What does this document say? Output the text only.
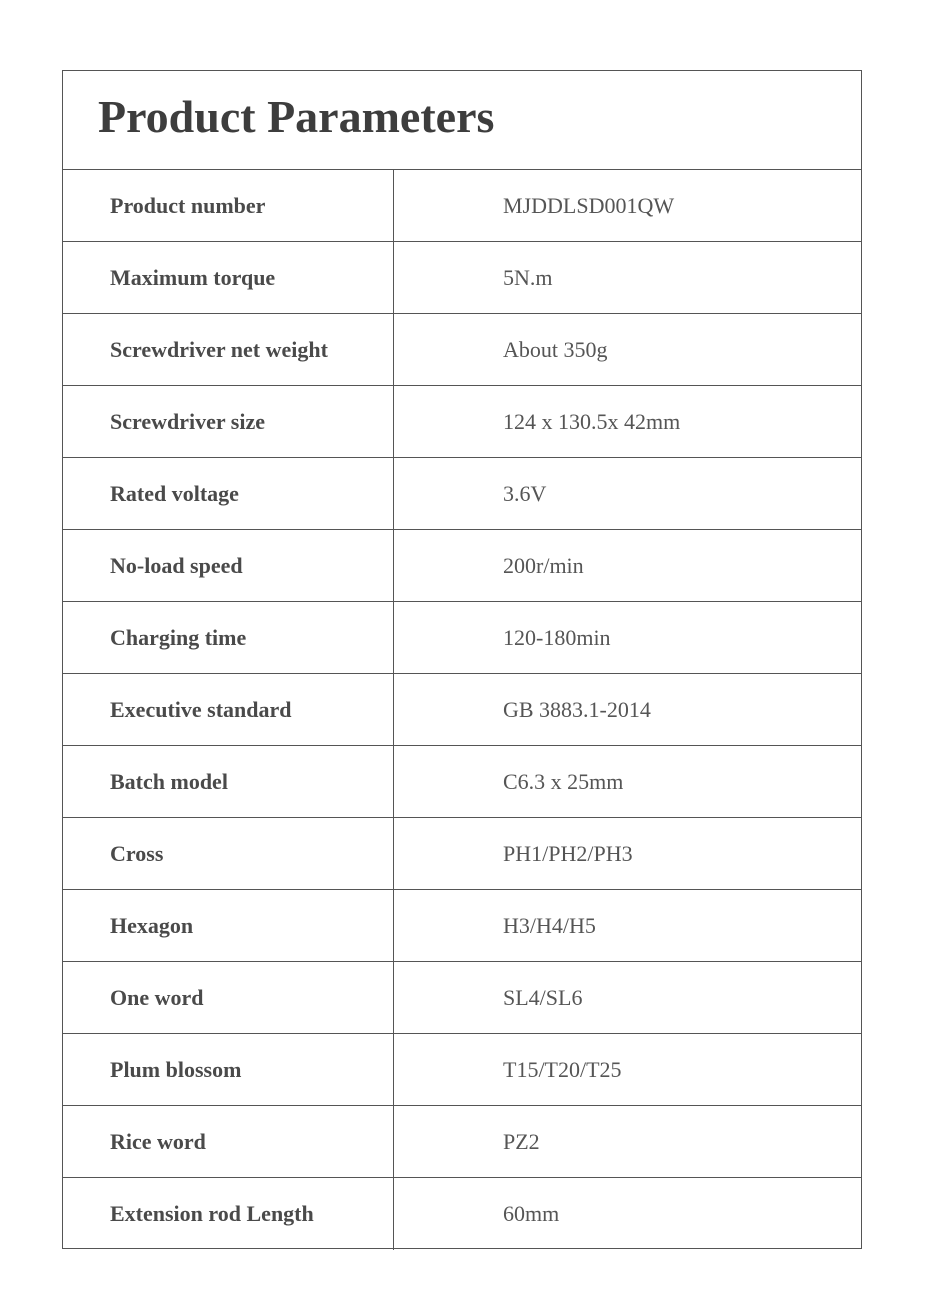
Product Parameters
Product number	MJDDLSD001QW
Maximum torque	5N.m
Screwdriver net weight	About 350g
Screwdriver size	124 x 130.5x 42mm
Rated voltage	3.6V
No-load speed	200r/min
Charging time	120-180min
Executive standard	GB 3883.1-2014
Batch model	C6.3 x 25mm
Cross	PH1/PH2/PH3
Hexagon	H3/H4/H5
One word	SL4/SL6
Plum blossom	T15/T20/T25
Rice word	PZ2
Extension rod Length	60mm
